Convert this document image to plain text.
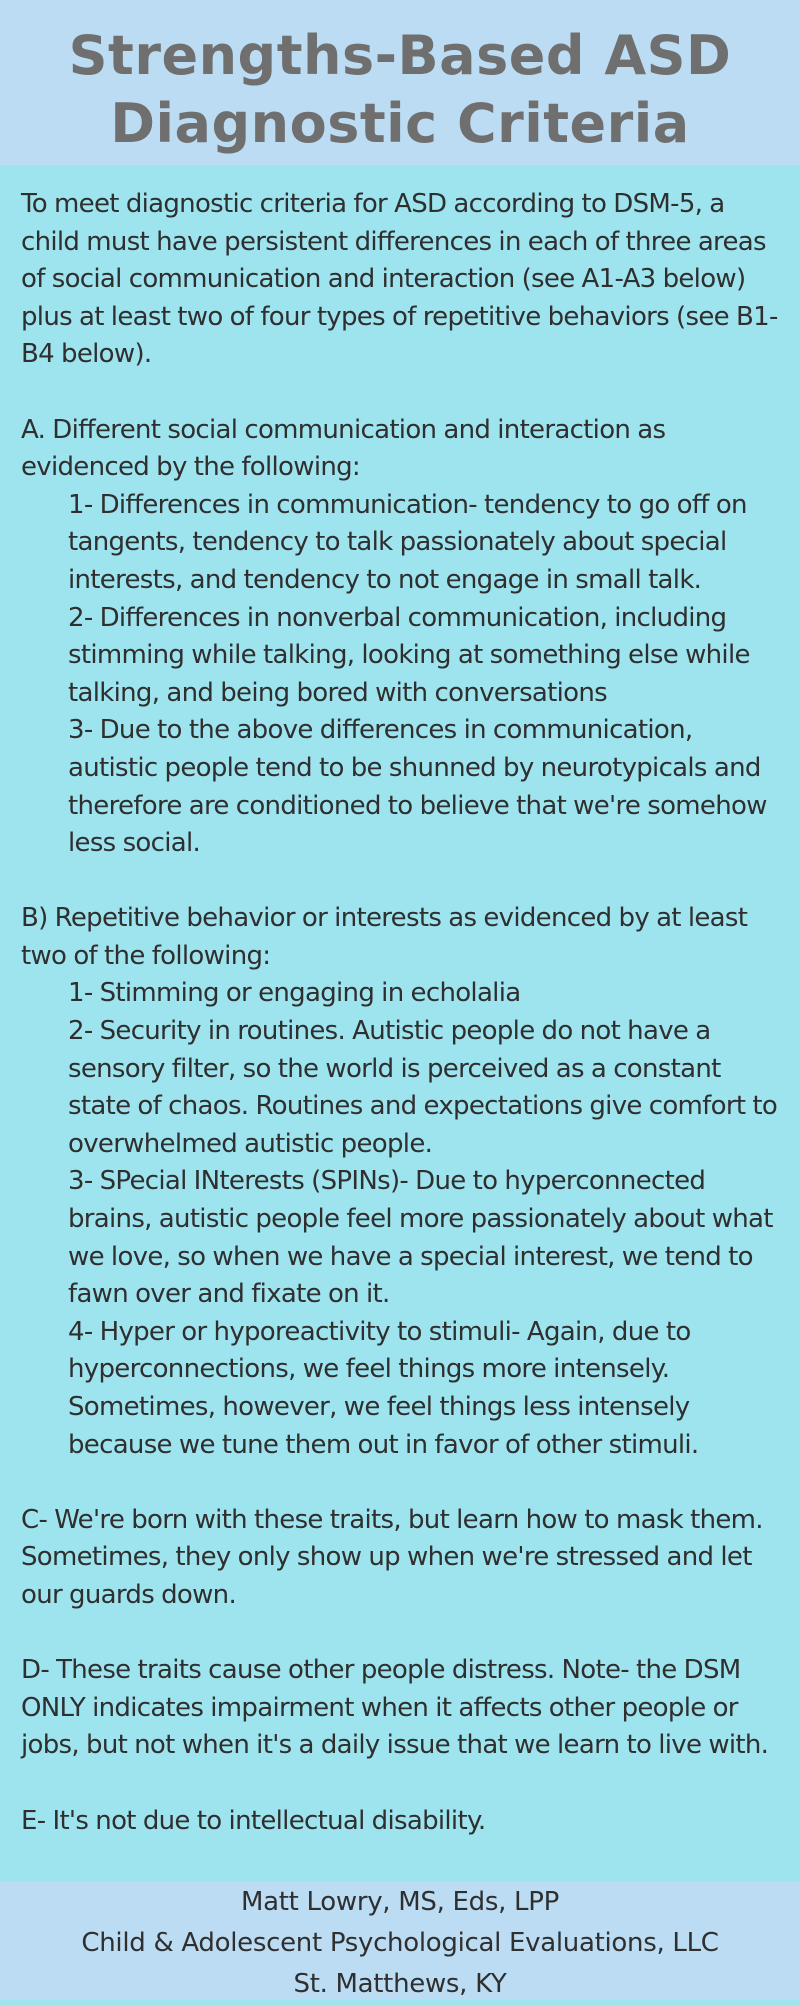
Strengths-Based ASD
Diagnostic Criteria

To meet diagnostic criteria for ASD according to DSM-5, a child must have persistent differences in each of three areas of social communication and interaction (see A1-A3 below) plus at least two of four types of repetitive behaviors (see B1-B4 below).

A. Different social communication and interaction as evidenced by the following:

1- Differences in communication- tendency to go off on tangents, tendency to talk passionately about special interests, and tendency to not engage in small talk.

2- Differences in nonverbal communication, including stimming while talking, looking at something else while talking, and being bored with conversations

3- Due to the above differences in communication, autistic people tend to be shunned by neurotypicals and therefore are conditioned to believe that we're somehow less social.

B) Repetitive behavior or interests as evidenced by at least two of the following:

1- Stimming or engaging in echolalia

2- Security in routines. Autistic people do not have a sensory filter, so the world is perceived as a constant state of chaos. Routines and expectations give comfort to overwhelmed autistic people.

3- SPecial INterests (SPINs)- Due to hyperconnected brains, autistic people feel more passionately about what we love, so when we have a special interest, we tend to fawn over and fixate on it.

4- Hyper or hyporeactivity to stimuli- Again, due to hyperconnections, we feel things more intensely. Sometimes, however, we feel things less intensely because we tune them out in favor of other stimuli.

C- We're born with these traits, but learn how to mask them. Sometimes, they only show up when we're stressed and let our guards down.

D- These traits cause other people distress. Note- the DSM ONLY indicates impairment when it affects other people or jobs, but not when it's a daily issue that we learn to live with.

E- It's not due to intellectual disability.

Matt Lowry, MS, Eds, LPP
Child & Adolescent Psychological Evaluations, LLC
St. Matthews, KY
